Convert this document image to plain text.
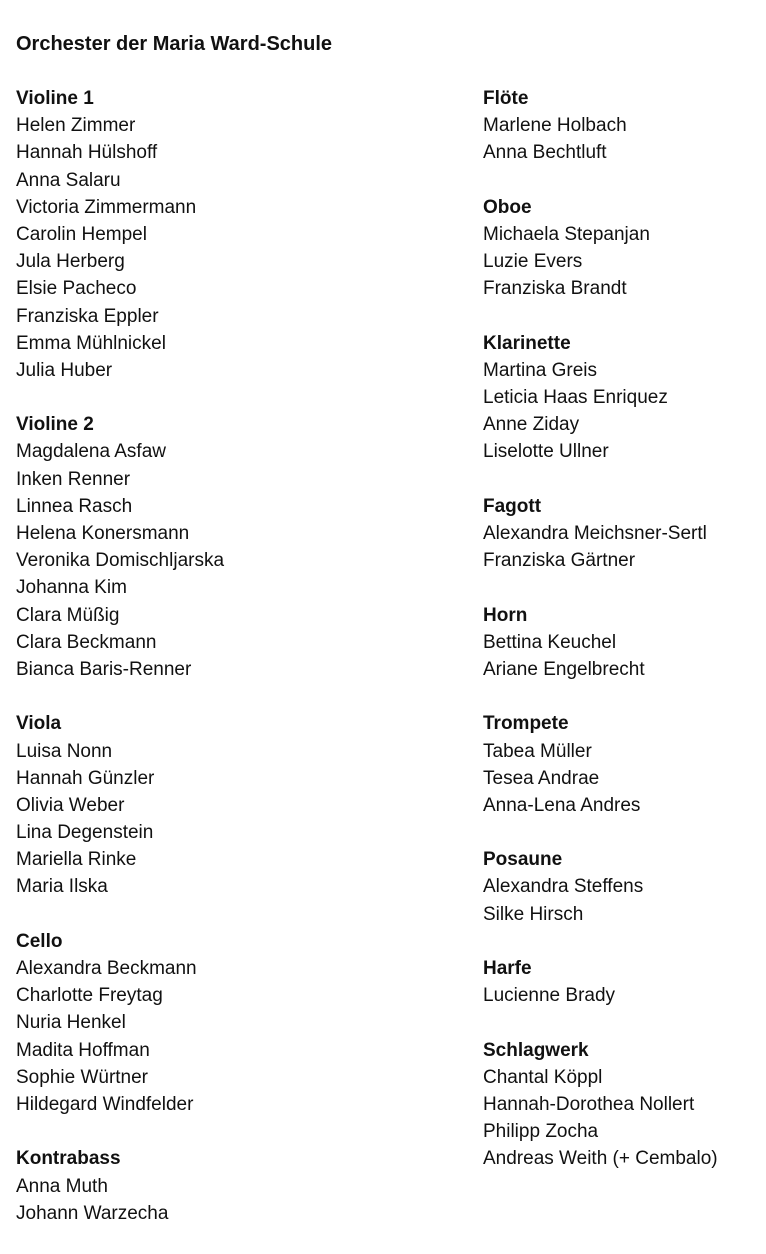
Orchester der Maria Ward-Schule
Violine 1
Helen Zimmer
Hannah Hülshoff
Anna Salaru
Victoria Zimmermann
Carolin Hempel
Jula Herberg
Elsie Pacheco
Franziska Eppler
Emma Mühlnickel
Julia Huber
Violine 2
Magdalena Asfaw
Inken Renner
Linnea Rasch
Helena Konersmann
Veronika Domischljarska
Johanna Kim
Clara Müßig
Clara Beckmann
Bianca Baris-Renner
Viola
Luisa Nonn
Hannah Günzler
Olivia Weber
Lina Degenstein
Mariella Rinke
Maria Ilska
Cello
Alexandra Beckmann
Charlotte Freytag
Nuria Henkel
Madita Hoffman
Sophie Würtner
Hildegard Windfelder
Kontrabass
Anna Muth
Johann Warzecha
Flöte
Marlene Holbach
Anna Bechtluft
Oboe
Michaela Stepanjan
Luzie Evers
Franziska Brandt
Klarinette
Martina Greis
Leticia Haas Enriquez
Anne Ziday
Liselotte Ullner
Fagott
Alexandra Meichsner-Sertl
Franziska Gärtner
Horn
Bettina Keuchel
Ariane Engelbrecht
Trompete
Tabea Müller
Tesea Andrae
Anna-Lena Andres
Posaune
Alexandra Steffens
Silke Hirsch
Harfe
Lucienne Brady
Schlagwerk
Chantal Köppl
Hannah-Dorothea Nollert
Philipp Zocha
Andreas Weith (+ Cembalo)
